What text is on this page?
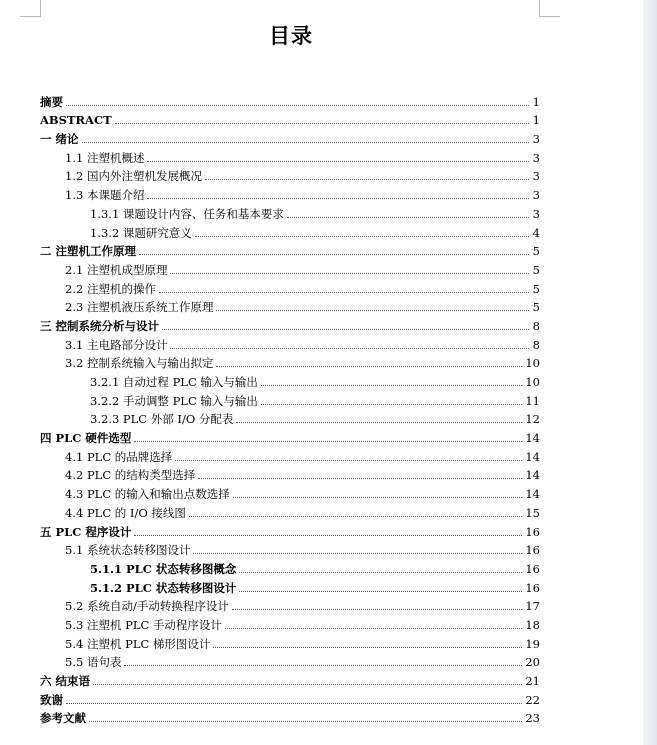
目录
摘要	1
ABSTRACT	1
一 绪论	3
1.1 注塑机概述	3
1.2 国内外注塑机发展概况	3
1.3 本课题介绍	3
1.3.1 课题设计内容、任务和基本要求	3
1.3.2 课题研究意义	4
二 注塑机工作原理	5
2.1 注塑机成型原理	5
2.2 注塑机的操作	5
2.3 注塑机液压系统工作原理	5
三 控制系统分析与设计	8
3.1 主电路部分设计	8
3.2 控制系统输入与输出拟定	10
3.2.1 自动过程 PLC 输入与输出	10
3.2.2 手动调整 PLC 输入与输出	11
3.2.3 PLC 外部 I/O 分配表	12
四 PLC 硬件选型	14
4.1 PLC 的品牌选择	14
4.2 PLC 的结构类型选择	14
4.3 PLC 的输入和输出点数选择	14
4.4 PLC 的 I/O 接线图	15
五 PLC 程序设计	16
5.1 系统状态转移图设计	16
5.1.1 PLC 状态转移图概念	16
5.1.2 PLC 状态转移图设计	16
5.2 系统自动/手动转换程序设计	17
5.3 注塑机 PLC 手动程序设计	18
5.4 注塑机 PLC 梯形图设计	19
5.5 语句表	20
六 结束语	21
致谢	22
参考文献	23
